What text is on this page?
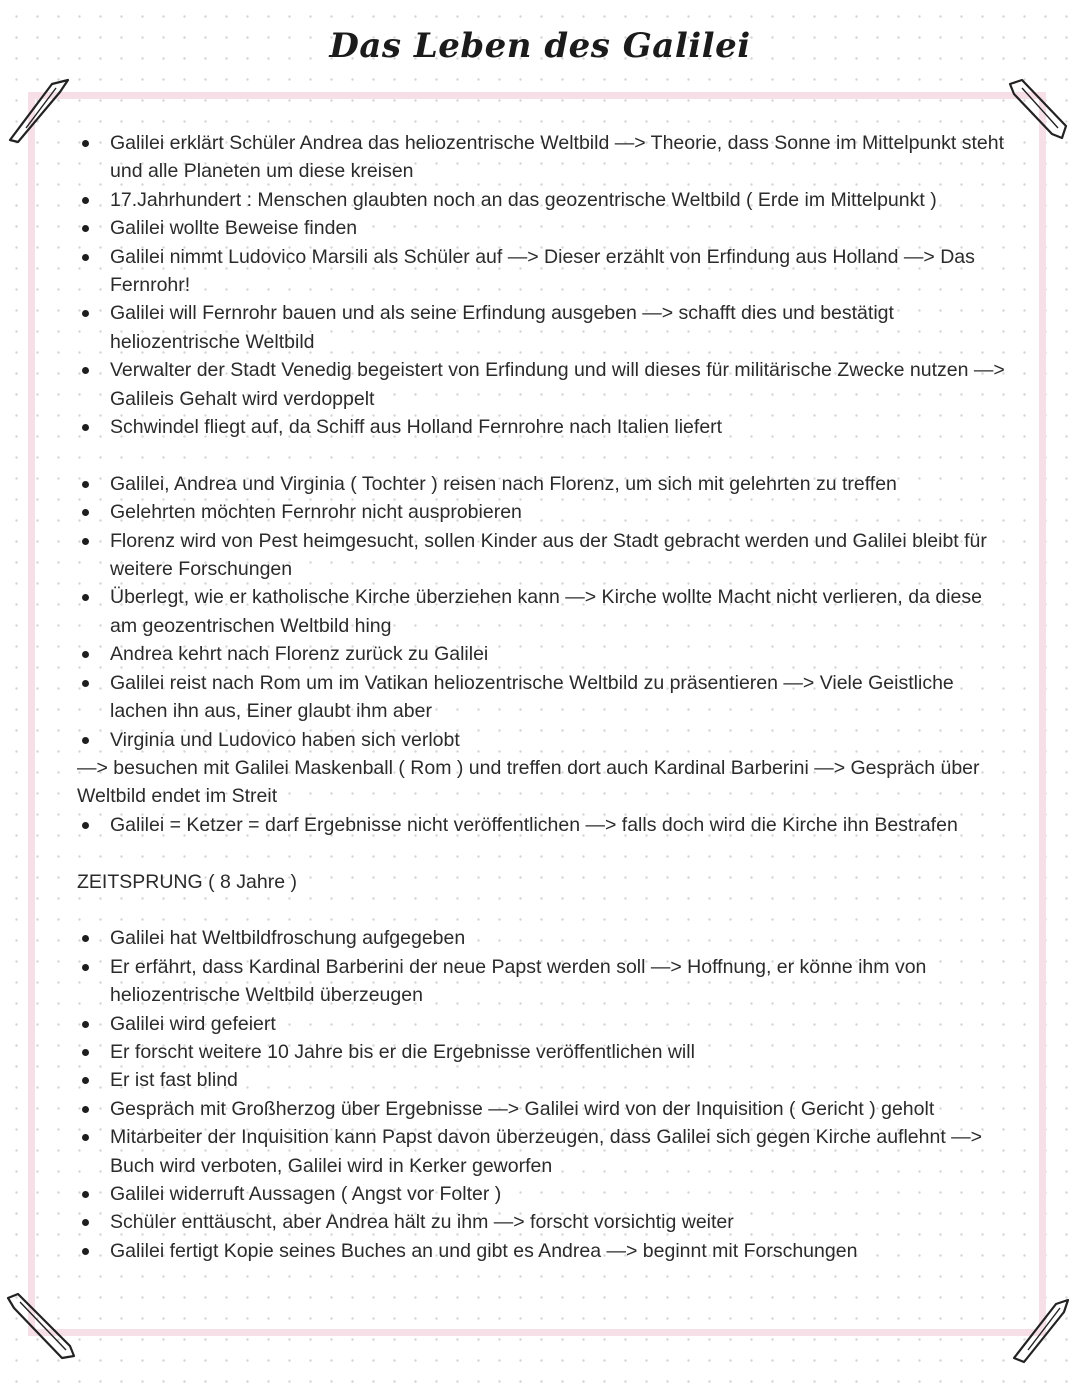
Das Leben des Galilei
Galilei erklärt Schüler Andrea das heliozentrische Weltbild —> Theorie, dass Sonne im Mittelpunkt steht und alle Planeten um diese kreisen
17.Jahrhundert : Menschen glaubten noch an das geozentrische Weltbild ( Erde im Mittelpunkt )
Galilei wollte Beweise finden
Galilei nimmt Ludovico Marsili als Schüler auf —> Dieser erzählt von Erfindung aus Holland —> Das Fernrohr!
Galilei will Fernrohr bauen und als seine Erfindung ausgeben —> schafft dies und bestätigt heliozentrische Weltbild
Verwalter der Stadt Venedig begeistert von Erfindung und will dieses für militärische Zwecke nutzen —> Galileis Gehalt wird verdoppelt
Schwindel fliegt auf, da Schiff aus Holland Fernrohre nach Italien liefert
Galilei, Andrea und Virginia ( Tochter ) reisen nach Florenz, um sich mit gelehrten zu treffen
Gelehrten möchten Fernrohr nicht ausprobieren
Florenz wird von Pest heimgesucht, sollen Kinder aus der Stadt gebracht werden und Galilei bleibt für weitere Forschungen
Überlegt, wie er katholische Kirche überziehen kann —> Kirche wollte Macht nicht verlieren, da diese am geozentrischen Weltbild hing
Andrea kehrt nach Florenz zurück zu Galilei
Galilei reist nach Rom um im Vatikan heliozentrische Weltbild zu präsentieren —> Viele Geistliche lachen ihn aus, Einer glaubt ihm aber
Virginia und Ludovico haben sich verlobt

—> besuchen mit Galilei Maskenball ( Rom ) und treffen dort auch Kardinal Barberini —> Gespräch über Weltbild endet im Streit

Galilei = Ketzer = darf Ergebnisse nicht veröffentlichen —> falls doch wird die Kirche ihn Bestrafen

ZEITSPRUNG ( 8 Jahre )

Galilei hat Weltbildfroschung aufgegeben
Er erfährt, dass Kardinal Barberini der neue Papst werden soll —> Hoffnung, er könne ihm von heliozentrische Weltbild überzeugen
Galilei wird gefeiert
Er forscht weitere 10 Jahre bis er die Ergebnisse veröffentlichen will
Er ist fast blind
Gespräch mit Großherzog über Ergebnisse —> Galilei wird von der Inquisition ( Gericht ) geholt
Mitarbeiter der Inquisition kann Papst davon überzeugen, dass Galilei sich gegen Kirche auflehnt —> Buch wird verboten, Galilei wird in Kerker geworfen
Galilei widerruft Aussagen ( Angst vor Folter )
Schüler enttäuscht, aber Andrea hält zu ihm —> forscht vorsichtig weiter
Galilei fertigt Kopie seines Buches an und gibt es Andrea —> beginnt mit Forschungen
